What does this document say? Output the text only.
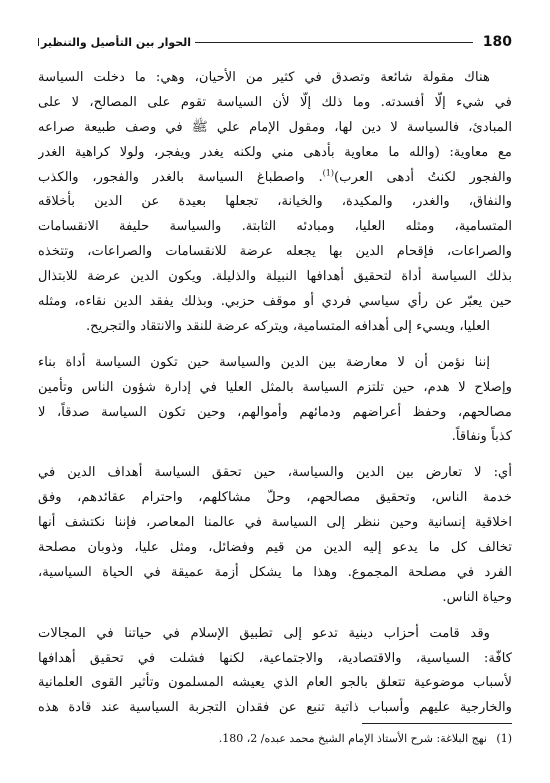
180
الحوار بين التأصيل والتنظير
هناك مقولة شائعة وتصدق في كثير من الأحيان، وهي: ما دخلت السياسة
في شيء إلّا أفسدته. وما ذلك إلّا لأن السياسة تقوم على المصالح، لا على
المبادئ، فالسياسة لا دين لها، ومقول الإمام علي ﷺ في وصف طبيعة صراعه
مع معاوية: (والله ما معاوية بأدهى مني ولكنه يغدر ويفجر، ولولا كراهية الغدر
والفجور لكنتُ أدهى العرب)$^{(1)}$. واصطباغ السياسة بالغدر والفجور، والكذب
والنفاق، والغدر، والمكيدة، والخيانة، تجعلها بعيدة عن الدين بأخلاقه
المتسامية، ومثله العليا، ومبادئه الثابتة. والسياسة حليفة الانقسامات
والصراعات، فإقحام الدين بها يجعله عرضة للانقسامات والصراعات، وتتخذه
بذلك السياسة أداة لتحقيق أهدافها النبيلة والذليلة. ويكون الدين عرضة للابتذال
حين يعبّر عن رأي سياسي فردي أو موقف حزبي. وبذلك يفقد الدين نقاءه، ومثله
العليا، ويسيء إلى أهدافه المتسامية، ويتركه عرضة للنقد والانتقاد والتجريح.
إننا نؤمن أن لا معارضة بين الدين والسياسة حين تكون السياسة أداة بناء
وإصلاح لا هدم، حين تلتزم السياسة بالمثل العليا في إدارة شؤون الناس وتأمين
مصالحهم، وحفظ أعراضهم ودمائهم وأموالهم، وحين تكون السياسة صدقاً، لا
كذباً ونفاقاً.
أي: لا تعارض بين الدين والسياسة، حين تحقق السياسة أهداف الدين في
خدمة الناس، وتحقيق مصالحهم، وحلّ مشاكلهم، واحترام عقائدهم، وفق
اخلاقية إنسانية وحين ننظر إلى السياسة في عالمنا المعاصر، فإننا نكتشف أنها
تخالف كل ما يدعو إليه الدين من قيم وفضائل، ومثل عليا، وذوبان مصلحة
الفرد في مصلحة المجموع. وهذا ما يشكل أزمة عميقة في الحياة السياسية،
وحياة الناس.
وقد قامت أحزاب دينية تدعو إلى تطبيق الإسلام في حياتنا في المجالات
كافّة: السياسية، والاقتصادية، والاجتماعية، لكنها فشلت في تحقيق أهدافها
لأسباب موضوعية تتعلق بالجو العام الذي يعيشه المسلمون وتأثير القوى العلمانية
والخارجية عليهم وأسباب ذاتية تنبع عن فقدان التجربة السياسية عند قادة هذه
(1) نهج البلاغة: شرح الأستاذ الإمام الشيخ محمد عبده/ 2، 180.
